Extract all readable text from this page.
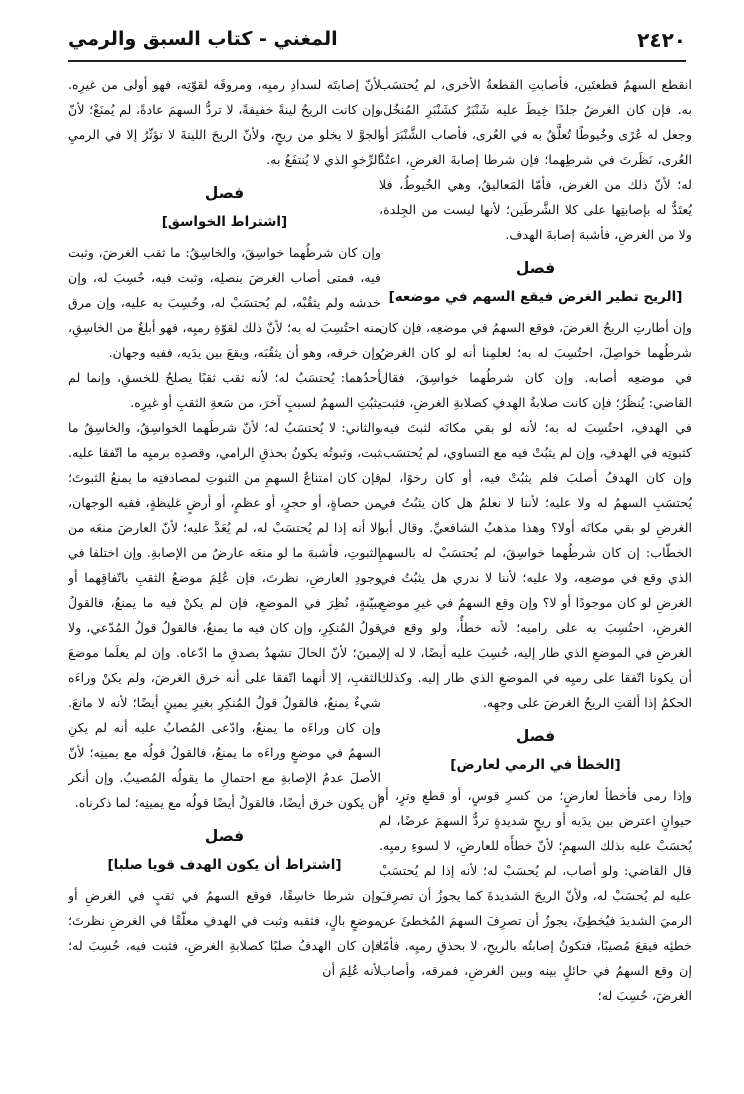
٢٤٢٠
المغني - كتاب السبق والرمي

انقطع السهمُ قطعتَين، فأصابتِ القطعةُ الأخرى، لم يُحتسَب به. فإن كان الغرضُ جلدًا خِيطَ عليه شَنْبَرٌ كشَنْبَرِ المُنخُل، وجعل له عُرًى وخُيوطًا تُعلَّقُ به في العُرى، فأصاب الشَّنْبَرَ أو العُرى، نَظَرتَ في شرطِهما؛ فإن شرطا إصابةَ الغرضِ، اعتُدَّ له؛ لأنّ ذلك من الغرض، فأمّا المَعاليقُ، وهي الخُيوطُ، فلا يُعتَدُّ له بإصابتِها على كلا الشَّرطَين؛ لأنها ليست من الجِلدة، ولا من الغرضِ، فأشبهَ إصابةَ الهدف.

فصل
[الريح تطير الغرض فيقع السهم في موضعه]

وإن أطارتِ الريحُ الغرضَ، فوقع السهمُ في موضعِه، فإن كان شرطُهما خواصِلَ، احتُسِبَ له به؛ لعلمِنا أنه لو كان الغرضُ في موضعِه أصابه. وإن كان شرطُهما خواسِقَ، فقال القاضي: يُنظَرُ؛ فإن كانت صلابةُ الهدفِ كصلابةِ الغرضِ، فثبت في الهدفِ، احتُسِبَ له به؛ لأنه لو بقي مكانَه لثبتَ فيه، كثبوتِه في الهدفِ، وإن لم يثبُتْ فيه مع التساوي، لم يُحتسَب. وإن كان الهدفُ أصلبَ فلم يثبُتْ فيه، أو كان رخوًا، لم يُحتسَبِ السهمُ له ولا عليه؛ لأننا لا نعلمُ هل كان يثبُتُ في الغرضِ لو بقي مكانَه أولا؟ وهذا مذهبُ الشافعيِّ. وقال أبو الخطّاب: إن كان شرطُهما خواسِقَ، لم يُحتسَبْ له بالسهمِ الذي وقع في موضعِه، ولا عليه؛ لأننا لا ندري هل يثبُتُ في الغرضِ لو كان موجودًا أو لا؟ وإن وقع السهمُ في غيرِ موضعِ الغرضِ، احتُسِبَ به على راميه؛ لأنه خطأٌ، ولو وقع في الغرضِ في الموضعِ الذي طار إليه، حُسِبَ عليه أيضًا، لا له إلا أن يكونا اتّفقا على رميِه في الموضعِ الذي طار إليه. وكذلك الحكمُ إذا ألقتِ الريحُ الغرضَ على وجهِه.

فصل
[الخطأ في الرمي لعارض]

وإذا رمى فأخطأ لعارضٍ؛ من كسرِ قوسٍ، أو قطعِ وترٍ، أو حيوانٍ اعترض بين يدَيه أو ريحٍ شديدةٍ تردُّ السهمَ عرضًا، لم يُحسَبْ عليه بذلك السهمِ؛ لأنّ خطأَه للعارضِ، لا لسوءِ رميِه. قال القاضي: ولو أصاب، لم يُحسَبْ له؛ لأنه إذا لم يُحتسَبْ عليه لم يُحسَبْ له، ولأنّ الريحَ الشديدةَ كما يجوزُ أن تصرِفَ الرميَ الشديدَ فيُخطِئَ، يجوزُ أن تصرِفَ السهمَ المُخطئَ عن خطئِه فيقعَ مُصيبًا، فتكونُ إصابتُه بالريحِ، لا بحذقِ رميِه. فأمّا إن وقع السهمُ في حائلٍ بينه وبين الغرضِ، فمرقه، وأصاب الغرضَ، حُسِبَ له؛

لأنّ إصابتَه لسدادِ رميِه، ومروقَه لقوّتِه، فهو أولى من غيرِه. وإن كانت الريحُ لينةً خفيفةً، لا تردُّ السهمَ عادةً، لم يُمنَعْ؛ لأنّ الجوَّ لا يخلو من ريحٍ، ولأنّ الريحَ اللينةَ لا تؤثّرُ إلا في الرميِ الرِّخوِ الذي لا يُنتفَعُ به.

فصل
[اشتراط الخواسق]

وإن كان شرطُهما خواسِقَ، والخاسِقُ: ما ثقب الغرضَ، وثبت فيه، فمتى أصاب الغرضَ بنصلِه، وثبت فيه، حُسِبَ له، وإن خدشه ولم يثقُبْه، لم يُحتسَبْ له، وحُسِبَ به عليه، وإن مرق منه احتُسِبَ له به؛ لأنّ ذلك لقوّةِ رميِه، فهو أبلغُ من الخاسِقِ، وإن خرقه، وهو أن يثقُبَه، ويقعَ بين يدَيه، ففيه وجهان.

أحدُهما: يُحتسَبُ له؛ لأنه ثقب ثقبًا يصلحُ للخسقِ، وإنما لم يثبُتِ السهمُ لسببٍ آخرَ، من سَعةِ الثقبِ أو غيرِه.

والثاني: لا يُحتسَبُ له؛ لأنّ شرطَهما الخواسِقُ، والخاسِقُ ما ثبت، وثبوتُه يكونُ بحذقِ الرامي، وقصدِه برميِه ما اتّفقا عليه. فإن كان امتناعُ السهمِ من الثبوتِ لمصادفتِه ما يمنعُ الثبوتَ؛ من حصاةٍ، أو حجرٍ، أو عظمٍ، أو أرضٍ غليظةٍ، ففيه الوجهان، إلا أنه إذا لم يُحتسَبْ له، لم يُعَدَّ عليه؛ لأنّ العارضَ منعَه من الثبوتِ، فأشبهَ ما لو منعَه عارضٌ من الإصابةِ. وإن اختلفا في وجودِ العارضِ، نظرتَ، فإن عُلِمَ موضعُ الثقبِ باتّفاقِهما أو ببيّنةٍ، نُظِرَ في الموضعِ، فإن لم يكنْ فيه ما يمنعُ، فالقولُ قولُ المُنكِرِ، وإن كان فيه ما يمنعُ، فالقولُ قولُ المُدّعي، ولا يمينَ؛ لأنّ الحالَ تشهدُ بصدقِ ما ادّعاه. وإن لم يعلَما موضعَ الثقبِ، إلا أنهما اتّفقا على أنه خرق الغرضَ، ولم يكنْ وراءَه شيءٌ يمنعُ، فالقولُ قولُ المُنكِرِ بغيرِ يمينٍ أيضًا؛ لأنه لا مانعَ. وإن كان وراءَه ما يمنعُ، وادّعى المُصابُ عليه أنه لم يكنِ السهمُ في موضعٍ وراءَه ما يمنعُ، فالقولُ قولُه مع يمينِه؛ لأنّ الأصلَ عدمُ الإصابةِ مع احتمالِ ما يقولُه المُصيبُ. وإن أنكر أن يكون خرق أيضًا، فالقولُ أيضًا قولُه مع يمينِه؛ لما ذكرناه.

فصل
[اشتراط أن يكون الهدف قويا صلبا]

وإن شرطا خاسِقًا، فوقع السهمُ في ثقبٍ في الغرضِ أو موضعٍ بالٍ، فثقبه وثبت في الهدفِ معلّقًا في الغرضِ نظرتَ؛ فإن كان الهدفُ صلبًا كصلابةِ الغرضِ، فثبت فيه، حُسِبَ له؛ لأنه عُلِمَ أن
